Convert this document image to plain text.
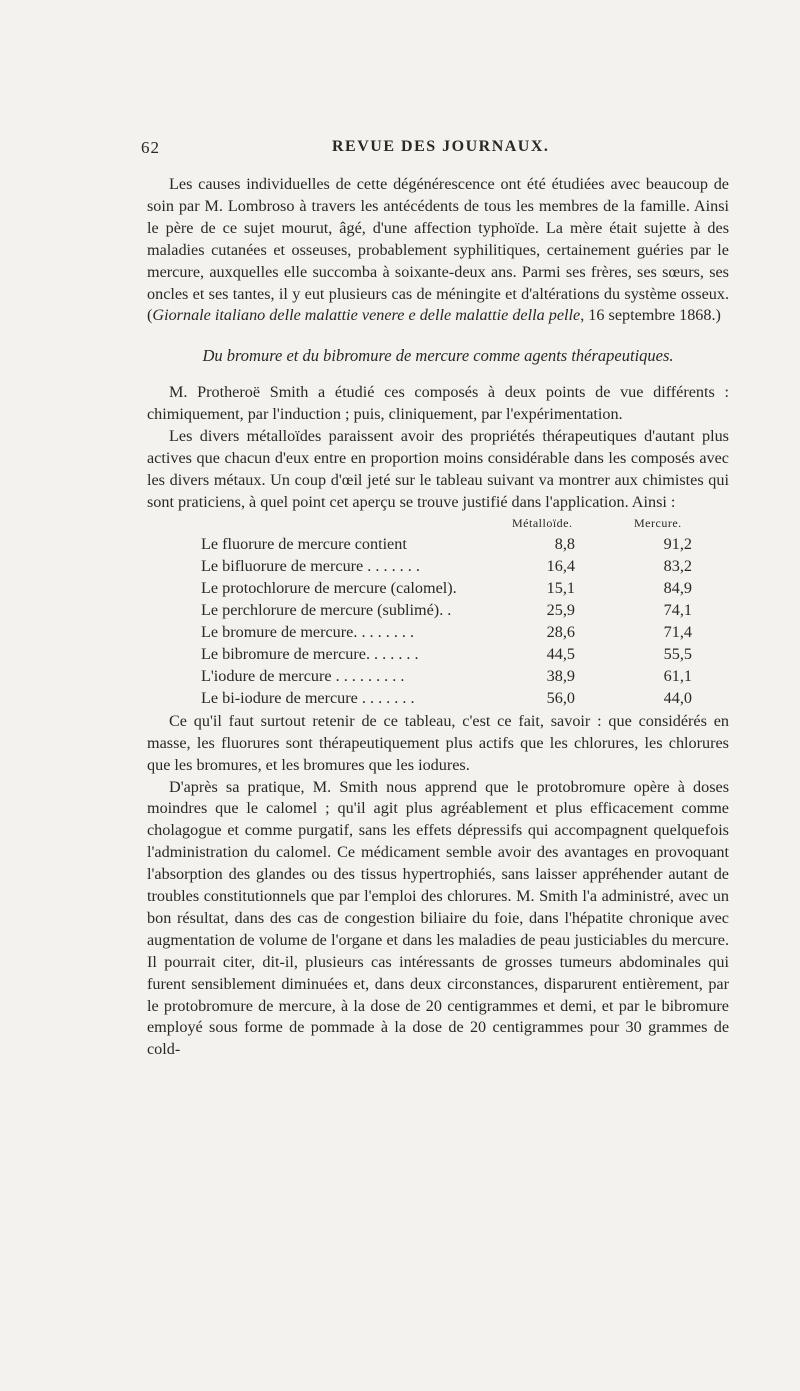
62	REVUE DES JOURNAUX.

Les causes individuelles de cette dégénérescence ont été étudiées avec beaucoup de soin par M. Lombroso à travers les antécédents de tous les membres de la famille. Ainsi le père de ce sujet mourut, âgé, d'une affection typhoïde. La mère était sujette à des maladies cutanées et osseuses, probablement syphilitiques, certainement guéries par le mercure, auxquelles elle succomba à soixante-deux ans. Parmi ses frères, ses sœurs, ses oncles et ses tantes, il y eut plusieurs cas de méningite et d'altérations du système osseux. (Giornale italiano delle malattie venere e delle malattie della pelle, 16 septembre 1868.)

Du bromure et du bibromure de mercure comme agents thérapeutiques.

M. Protheroë Smith a étudié ces composés à deux points de vue différents : chimiquement, par l'induction ; puis, cliniquement, par l'expérimentation.

Les divers métalloïdes paraissent avoir des propriétés thérapeutiques d'autant plus actives que chacun d'eux entre en proportion moins considérable dans les composés avec les divers métaux. Un coup d'œil jeté sur le tableau suivant va montrer aux chimistes qui sont praticiens, à quel point cet aperçu se trouve justifié dans l'application. Ainsi :

Métalloïde.	Mercure.
Le fluorure de mercure contient	8,8	91,2
Le bifluorure de mercure . . . . . . .	16,4	83,2
Le protochlorure de mercure (calomel).	15,1	84,9
Le perchlorure de mercure (sublimé). .	25,9	74,1
Le bromure de mercure. . . . . . . .	28,6	71,4
Le bibromure de mercure. . . . . . .	44,5	55,5
L'iodure de mercure . . . . . . . . .	38,9	61,1
Le bi-iodure de mercure . . . . . . .	56,0	44,0

Ce qu'il faut surtout retenir de ce tableau, c'est ce fait, savoir : que considérés en masse, les fluorures sont thérapeutiquement plus actifs que les chlorures, les chlorures que les bromures, et les bromures que les iodures.

D'après sa pratique, M. Smith nous apprend que le protobromure opère à doses moindres que le calomel ; qu'il agit plus agréablement et plus efficacement comme cholagogue et comme purgatif, sans les effets dépressifs qui accompagnent quelquefois l'administration du calomel. Ce médicament semble avoir des avantages en provoquant l'absorption des glandes ou des tissus hypertrophiés, sans laisser appréhender autant de troubles constitutionnels que par l'emploi des chlorures. M. Smith l'a administré, avec un bon résultat, dans des cas de congestion biliaire du foie, dans l'hépatite chronique avec augmentation de volume de l'organe et dans les maladies de peau justiciables du mercure. Il pourrait citer, dit-il, plusieurs cas intéressants de grosses tumeurs abdominales qui furent sensiblement diminuées et, dans deux circonstances, disparurent entièrement, par le protobromure de mercure, à la dose de 20 centigrammes et demi, et par le bibromure employé sous forme de pommade à la dose de 20 centigrammes pour 30 grammes de cold-
